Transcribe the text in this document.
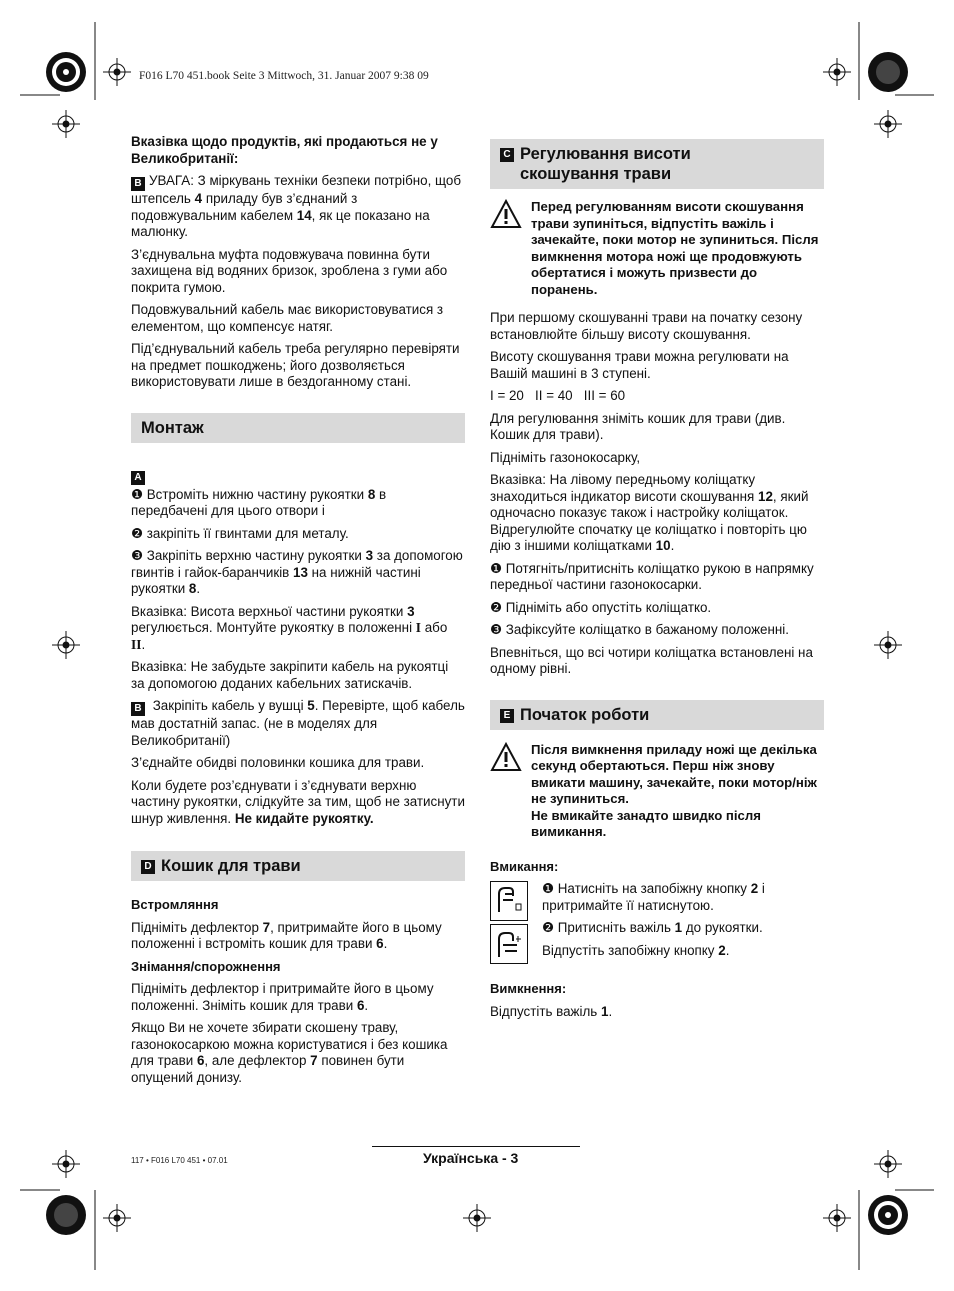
F016 L70 451.book Seite 3 Mittwoch, 31. Januar 2007 9:38 09

Вказівка щодо продуктів, які продаються не у Великобританії:

B УВАГА: З міркувань техніки безпеки потрібно, щоб штепсель 4 приладу був з’єднаний з подовжувальним кабелем 14, як це показано на малюнку.

З’єднувальна муфта подовжувача повинна бути захищена від водяних бризок, зроблена з гуми або покрита гумою.

Подовжувальний кабель має використовуватися з елементом, що компенсує натяг.

Під’єднувальний кабель треба регулярно перевіряти на предмет пошкоджень; його дозволяється використовувати лише в бездоганному стані.

Монтаж

A

❶ Встроміть нижню частину рукоятки 8 в передбачені для цього отвори і

❷ закріпіть її гвинтами для металу.

❸ Закріпіть верхню частину рукоятки 3 за допомогою гвинтів і гайок-баранчиків 13 на нижній частині рукоятки 8.

Вказівка: Висота верхньої частини рукоятки 3 регулюється. Монтуйте рукоятку в положенні I або II.

Вказівка: Не забудьте закріпити кабель на рукоятці за допомогою доданих кабельних затискачів.

B Закріпіть кабель у вушці 5. Перевірте, щоб кабель мав достатній запас. (не в моделях для Великобританії)

З’єднайте обидві половинки кошика для трави.

Коли будете роз’єднувати і з’єднувати верхню частину рукоятки, слідкуйте за тим, щоб не затиснути шнур живлення. Не кидайте рукоятку.

D Кошик для трави

Встромляння

Підніміть дефлектор 7, притримайте його в цьому положенні і встроміть кошик для трави 6.

Знімання/спорожнення

Підніміть дефлектор і притримайте його в цьому положенні. Зніміть кошик для трави 6.

Якщо Ви не хочете збирати скошену траву, газонокосаркою можна користуватися і без кошика для трави 6, але дефлектор 7 повинен бути опущений донизу.

C Регулювання висоти скошування трави
Перед регулюванням висоти скошування трави зупиніться, відпустіть важіль і зачекайте, поки мотор не зупиниться. Після вимкнення мотора ножі ще продовжують обертатися і можуть призвести до поранень.

При першому скошуванні трави на початку сезону встановлюйте більшу висоту скошування.

Висоту скошування трави можна регулювати на Вашій машині в 3 ступені.

I = 20   II = 40   III = 60

Для регулювання зніміть кошик для трави (див. Кошик для трави).

Підніміть газонокосарку,

Вказівка: На лівому передньому коліщатку знаходиться індикатор висоти скошування 12, який одночасно показує також і настройку коліщаток. Відрегулюйте спочатку це коліщатко і повторіть цю дію з іншими коліщатками 10.

❶ Потягніть/притисніть коліщатко рукою в напрямку передньої частини газонокосарки.

❷ Підніміть або опустіть коліщатко.

❸ Зафіксуйте коліщатко в бажаному положенні.

Впевніться, що всі чотири коліщатка встановлені на одному рівні.

E Початок роботи
Після вимкнення приладу ножі ще декілька секунд обертаються. Перш ніж знову вмикати машину, зачекайте, поки мотор/ніж не зупиниться.
Не вмикайте занадто швидко після вимикання.

Вмикання:

❶ Натисніть на запобіжну кнопку 2 і притримайте її натиснутою.

❷ Притисніть важіль 1 до рукоятки.

Відпустіть запобіжну кнопку 2.

Вимкнення:

Відпустіть важіль 1.

117 • F016 L70 451 • 07.01	Українська - 3
